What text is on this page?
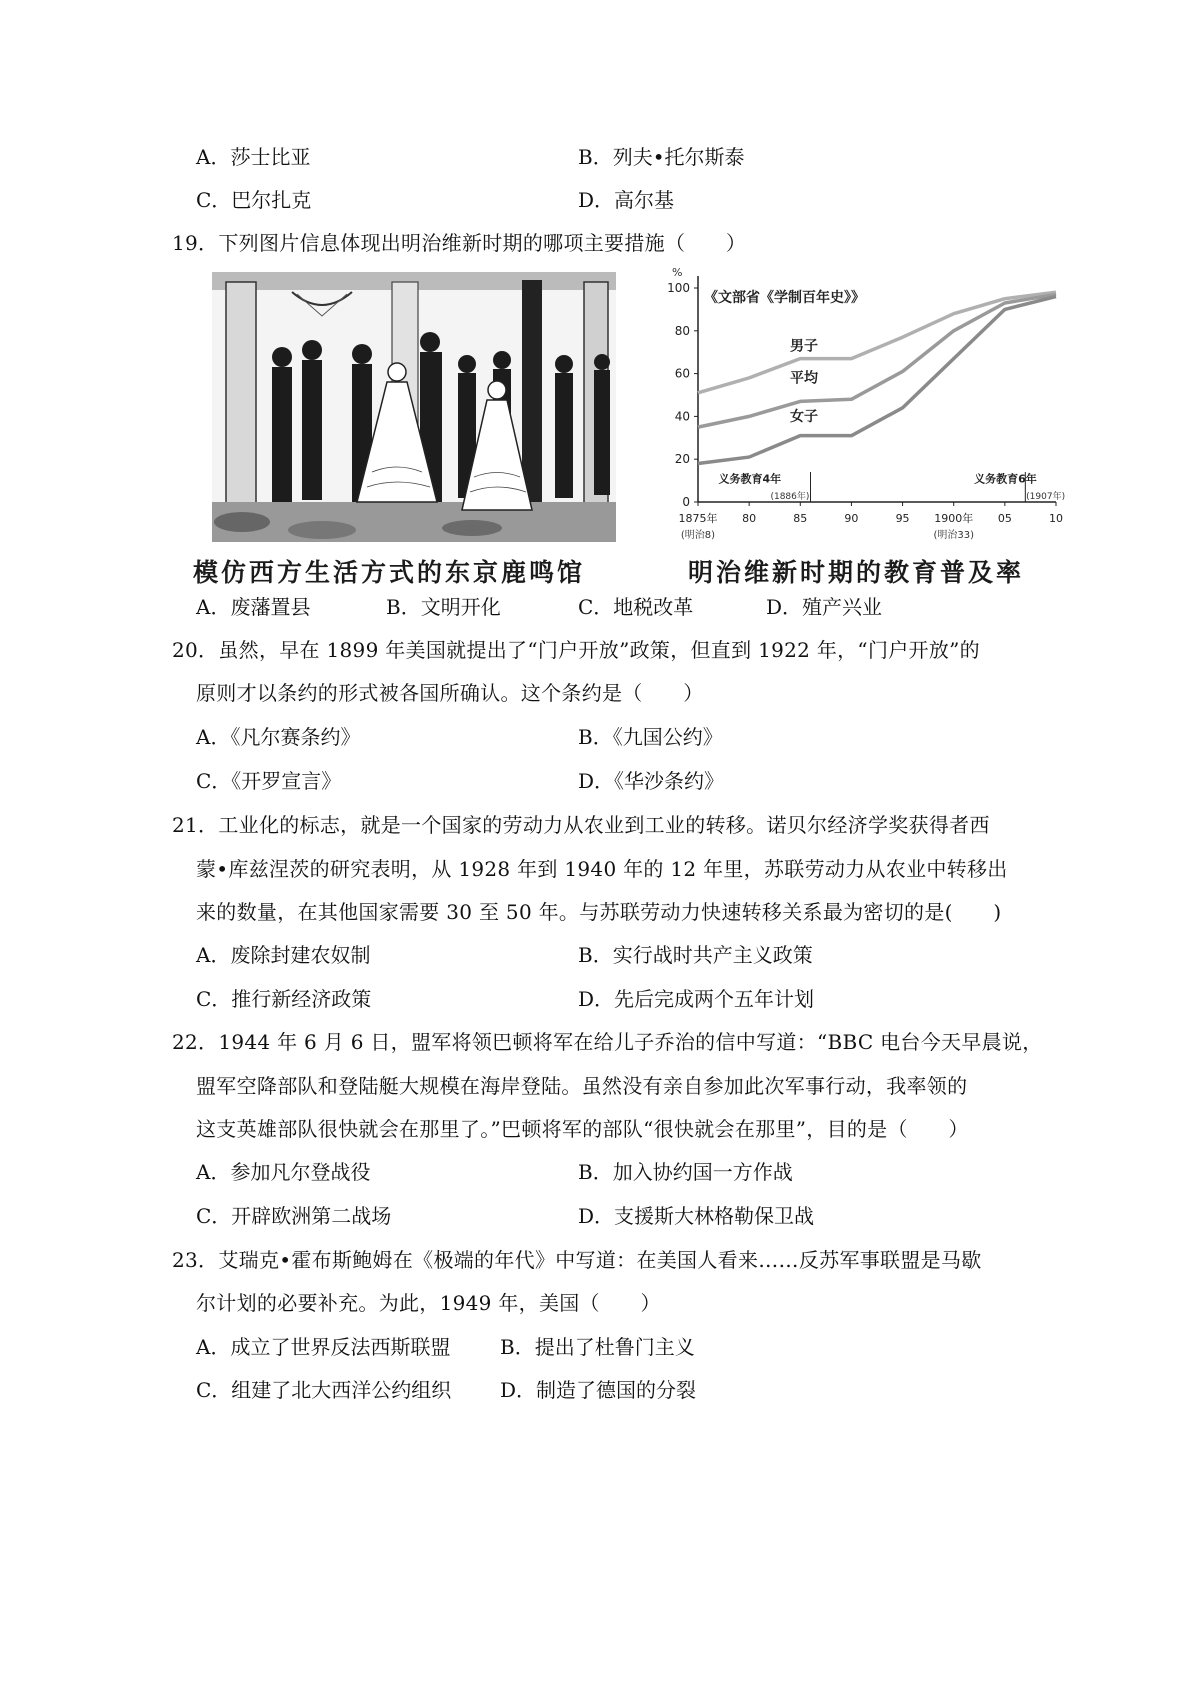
A．莎士比亚	B．列夫•托尔斯泰
C．巴尔扎克	D．高尔基
19．下列图片信息体现出明治维新时期的哪项主要措施（　　）
0
20
40
60
80
100
1875年 80	85	90	95 1900年 05	10
(明治8)	(明治33)
《文部省《学制百年史》》
%
男子
平均
女子
义务教育4年
(1886年)
义务教育6年
(1907年)
模仿西方生活方式的东京鹿鸣馆	明治维新时期的教育普及率
A．废藩置县	B．文明开化	C．地税改革	D．殖产兴业
20．虽然，早在 1899 年美国就提出了“门户开放”政策，但直到 1922 年，“门户开放”的
原则才以条约的形式被各国所确认。这个条约是（　　）
A．《凡尔赛条约》	B．《九国公约》
C．《开罗宣言》	D．《华沙条约》
21．工业化的标志，就是一个国家的劳动力从农业到工业的转移。诺贝尔经济学奖获得者西
蒙•库兹涅茨的研究表明，从 1928 年到 1940 年的 12 年里，苏联劳动力从农业中转移出
来的数量，在其他国家需要 30 至 50 年。与苏联劳动力快速转移关系最为密切的是(　　)
A．废除封建农奴制	B．实行战时共产主义政策
C．推行新经济政策	D．先后完成两个五年计划
22．1944 年 6 月 6 日，盟军将领巴顿将军在给儿子乔治的信中写道：“BBC 电台今天早晨说，
盟军空降部队和登陆艇大规模在海岸登陆。虽然没有亲自参加此次军事行动，我率领的
这支英雄部队很快就会在那里了。”巴顿将军的部队“很快就会在那里”，目的是（　　）
A．参加凡尔登战役	B．加入协约国一方作战
C．开辟欧洲第二战场	D．支援斯大林格勒保卫战
23．艾瑞克•霍布斯鲍姆在《极端的年代》中写道：在美国人看来……反苏军事联盟是马歇
尔计划的必要补充。为此，1949 年，美国（　　）
A．成立了世界反法西斯联盟 B．提出了杜鲁门主义
C．组建了北大西洋公约组织 D．制造了德国的分裂
